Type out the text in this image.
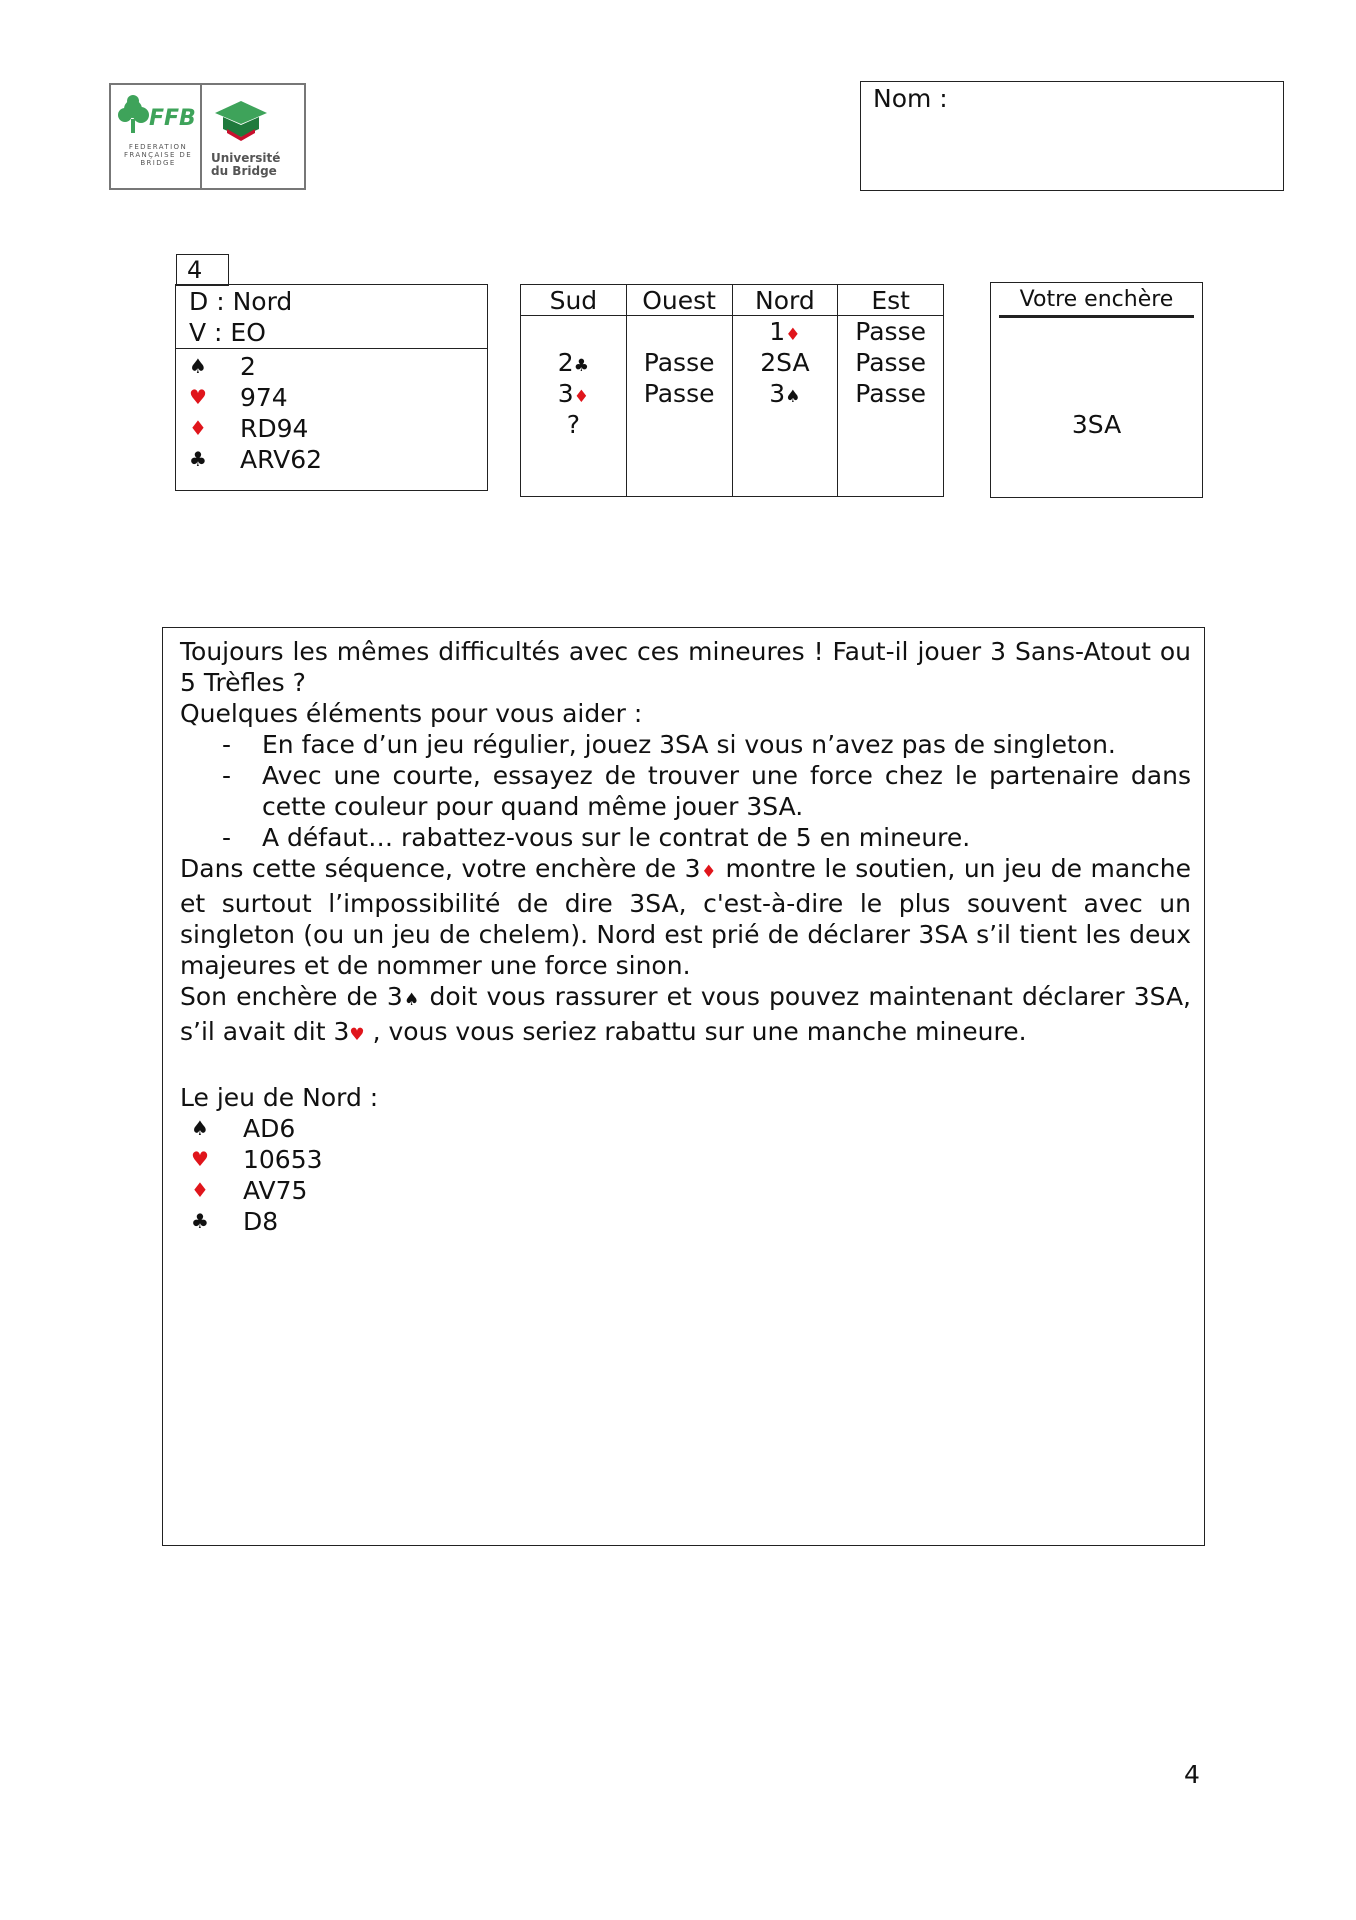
FFB
FEDERATION FRANÇAISE DE BRIDGE	Université du Bridge
Nom :
4
D : Nord
V : EO
♠ 2
♥ 974
♦ RD94
♣ ARV62
Sud
2♣
3♦
?
Ouest
Passe
Passe
Nord
1♦
2SA
3♠
Est
Passe
Passe
Passe
Votre enchère
3SA
Toujours les mêmes difficultés avec ces mineures ! Faut-il jouer 3 Sans-Atout ou 5 Trèfles ?
Quelques éléments pour vous aider :
- En face d’un jeu régulier, jouez 3SA si vous n’avez pas de singleton.
- Avec une courte, essayez de trouver une force chez le partenaire dans cette couleur pour quand même jouer 3SA.
- A défaut… rabattez-vous sur le contrat de 5 en mineure.
Dans cette séquence, votre enchère de 3♦ montre le soutien, un jeu de manche et surtout l’impossibilité de dire 3SA, c'est-à-dire le plus souvent avec un singleton (ou un jeu de chelem). Nord est prié de déclarer 3SA s’il tient les deux majeures et de nommer une force sinon.
Son enchère de 3♠ doit vous rassurer et vous pouvez maintenant déclarer 3SA, s’il avait dit 3♥ , vous vous seriez rabattu sur une manche mineure.
Le jeu de Nord :
♠ AD6
♥ 10653
♦ AV75
♣ D8
4
